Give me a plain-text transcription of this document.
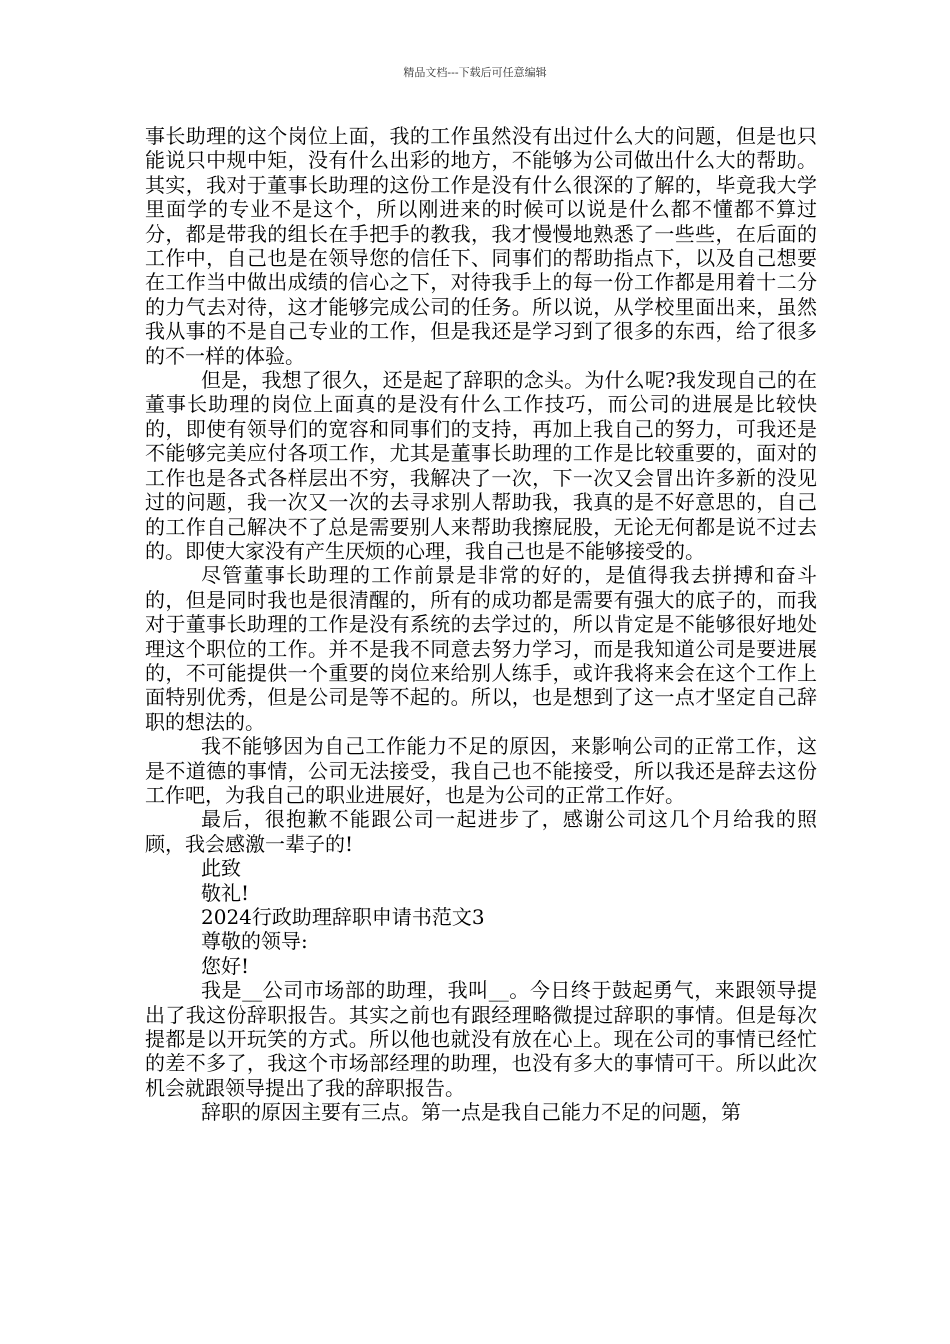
精品文档---下载后可任意编辑

事长助理的这个岗位上面，我的工作虽然没有出过什么大的问题，但是也只能说只中规中矩，没有什么出彩的地方，不能够为公司做出什么大的帮助。其实，我对于董事长助理的这份工作是没有什么很深的了解的，毕竟我大学里面学的专业不是这个，所以刚进来的时候可以说是什么都不懂都不算过分，都是带我的组长在手把手的教我，我才慢慢地熟悉了一些些，在后面的工作中，自己也是在领导您的信任下、同事们的帮助指点下，以及自己想要在工作当中做出成绩的信心之下，对待我手上的每一份工作都是用着十二分的力气去对待，这才能够完成公司的任务。所以说，从学校里面出来，虽然我从事的不是自己专业的工作，但是我还是学习到了很多的东西，给了很多的不一样的体验。

但是，我想了很久，还是起了辞职的念头。为什么呢?我发现自己的在董事长助理的岗位上面真的是没有什么工作技巧，而公司的进展是比较快的，即使有领导们的宽容和同事们的支持，再加上我自己的努力，可我还是不能够完美应付各项工作，尤其是董事长助理的工作是比较重要的，面对的工作也是各式各样层出不穷，我解决了一次，下一次又会冒出许多新的没见过的问题，我一次又一次的去寻求别人帮助我，我真的是不好意思的，自己的工作自己解决不了总是需要别人来帮助我擦屁股，无论无何都是说不过去的。即使大家没有产生厌烦的心理，我自己也是不能够接受的。

尽管董事长助理的工作前景是非常的好的，是值得我去拼搏和奋斗的，但是同时我也是很清醒的，所有的成功都是需要有强大的底子的，而我对于董事长助理的工作是没有系统的去学过的，所以肯定是不能够很好地处理这个职位的工作。并不是我不同意去努力学习，而是我知道公司是要进展的，不可能提供一个重要的岗位来给别人练手，或许我将来会在这个工作上面特别优秀，但是公司是等不起的。所以，也是想到了这一点才坚定自己辞职的想法的。

我不能够因为自己工作能力不足的原因，来影响公司的正常工作，这是不道德的事情，公司无法接受，我自己也不能接受，所以我还是辞去这份工作吧，为我自己的职业进展好，也是为公司的正常工作好。

最后，很抱歉不能跟公司一起进步了，感谢公司这几个月给我的照顾，我会感激一辈子的!

此致

敬礼!

2024行政助理辞职申请书范文3

尊敬的领导:

您好!

我是__公司市场部的助理，我叫__。今日终于鼓起勇气，来跟领导提出了我这份辞职报告。其实之前也有跟经理略微提过辞职的事情。但是每次提都是以开玩笑的方式。所以他也就没有放在心上。现在公司的事情已经忙的差不多了，我这个市场部经理的助理，也没有多大的事情可干。所以此次机会就跟领导提出了我的辞职报告。

辞职的原因主要有三点。第一点是我自己能力不足的问题，第
